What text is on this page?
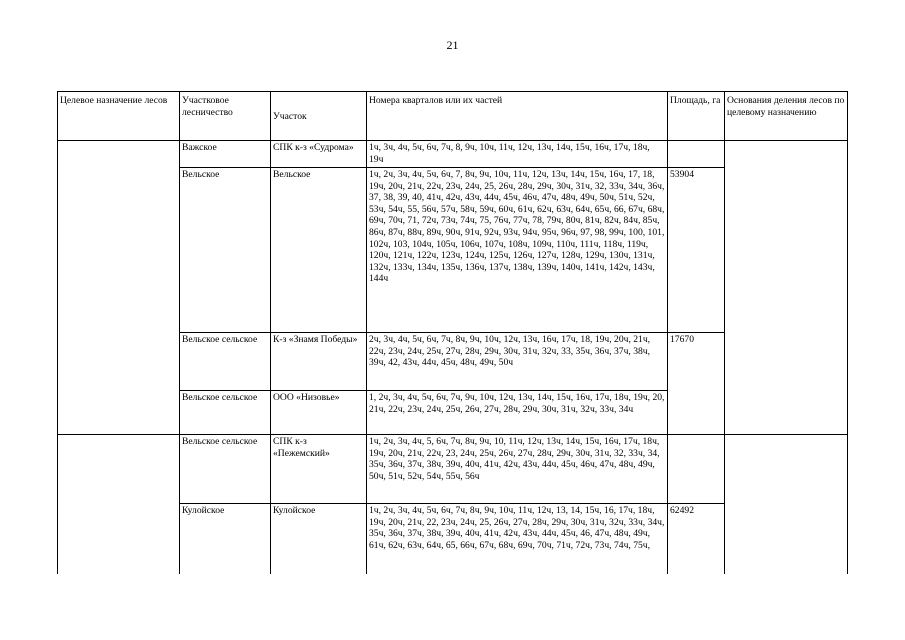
21
Целевое назначение лесов	Участковое лесничество	Участок	Номера кварталов или их частей	Площадь, га	Основания деления лесов по целевому назначению
	Важское	СПК к-з «Судрома»	1ч, 3ч, 4ч, 5ч, 6ч, 7ч, 8, 9ч, 10ч, 11ч, 12ч, 13ч, 14ч, 15ч, 16ч, 17ч, 18ч, 19ч		
	Вельское	Вельское	1ч, 2ч, 3ч, 4ч, 5ч, 6ч, 7, 8ч, 9ч, 10ч, 11ч, 12ч, 13ч, 14ч, 15ч, 16ч, 17, 18, 19ч, 20ч, 21ч, 22ч, 23ч, 24ч, 25, 26ч, 28ч, 29ч, 30ч, 31ч, 32, 33ч, 34ч, 36ч, 37, 38, 39, 40, 41ч, 42ч, 43ч, 44ч, 45ч, 46ч, 47ч, 48ч, 49ч, 50ч, 51ч, 52ч, 53ч, 54ч, 55, 56ч, 57ч, 58ч, 59ч, 60ч, 61ч, 62ч, 63ч, 64ч, 65ч, 66, 67ч, 68ч, 69ч, 70ч, 71, 72ч, 73ч, 74ч, 75, 76ч, 77ч, 78, 79ч, 80ч, 81ч, 82ч, 84ч, 85ч, 86ч, 87ч, 88ч, 89ч, 90ч, 91ч, 92ч, 93ч, 94ч, 95ч, 96ч, 97, 98, 99ч, 100, 101, 102ч, 103, 104ч, 105ч, 106ч, 107ч, 108ч, 109ч, 110ч, 111ч, 118ч, 119ч, 120ч, 121ч, 122ч, 123ч, 124ч, 125ч, 126ч, 127ч, 128ч, 129ч, 130ч, 131ч, 132ч, 133ч, 134ч, 135ч, 136ч, 137ч, 138ч, 139ч, 140ч, 141ч, 142ч, 143ч, 144ч	53904	
	Вельское сельское	К-з «Знамя Победы»	2ч, 3ч, 4ч, 5ч, 6ч, 7ч, 8ч, 9ч, 10ч, 12ч, 13ч, 16ч, 17ч, 18, 19ч, 20ч, 21ч, 22ч, 23ч, 24ч, 25ч, 27ч, 28ч, 29ч, 30ч, 31ч, 32ч, 33, 35ч, 36ч, 37ч, 38ч, 39ч, 42, 43ч, 44ч, 45ч, 48ч, 49ч, 50ч	17670	
	Вельское сельское	ООО «Низовье»	1, 2ч, 3ч, 4ч, 5ч, 6ч, 7ч, 9ч, 10ч, 12ч, 13ч, 14ч, 15ч, 16ч, 17ч, 18ч, 19ч, 20, 21ч, 22ч, 23ч, 24ч, 25ч, 26ч, 27ч, 28ч, 29ч, 30ч, 31ч, 32ч, 33ч, 34ч		
	Вельское сельское	СПК к-з «Пежемский»	1ч, 2ч, 3ч, 4ч, 5, 6ч, 7ч, 8ч, 9ч, 10, 11ч, 12ч, 13ч, 14ч, 15ч, 16ч, 17ч, 18ч, 19ч, 20ч, 21ч, 22ч, 23, 24ч, 25ч, 26ч, 27ч, 28ч, 29ч, 30ч, 31ч, 32, 33ч, 34, 35ч, 36ч, 37ч, 38ч, 39ч, 40ч, 41ч, 42ч, 43ч, 44ч, 45ч, 46ч, 47ч, 48ч, 49ч, 50ч, 51ч, 52ч, 54ч, 55ч, 56ч		
	Кулойское	Кулойское	1ч, 2ч, 3ч, 4ч, 5ч, 6ч, 7ч, 8ч, 9ч, 10ч, 11ч, 12ч, 13, 14, 15ч, 16, 17ч, 18ч, 19ч, 20ч, 21ч, 22, 23ч, 24ч, 25, 26ч, 27ч, 28ч, 29ч, 30ч, 31ч, 32ч, 33ч, 34ч, 35ч, 36ч, 37ч, 38ч, 39ч, 40ч, 41ч, 42ч, 43ч, 44ч, 45ч, 46, 47ч, 48ч, 49ч, 61ч, 62ч, 63ч, 64ч, 65, 66ч, 67ч, 68ч, 69ч, 70ч, 71ч, 72ч, 73ч, 74ч, 75ч,	62492	
